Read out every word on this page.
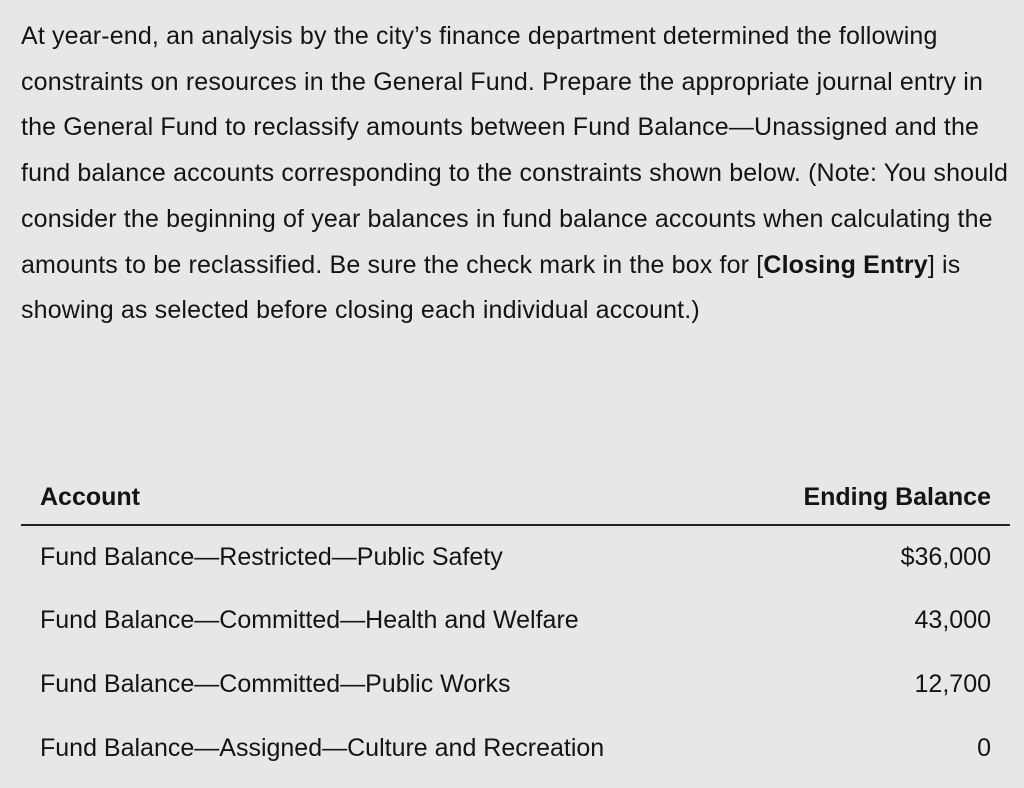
At year-end, an analysis by the city’s finance department determined the following constraints on resources in the General Fund. Prepare the appropriate journal entry in the General Fund to reclassify amounts between Fund Balance—Unassigned and the fund balance accounts corresponding to the constraints shown below. (Note: You should consider the beginning of year balances in fund balance accounts when calculating the amounts to be reclassified. Be sure the check mark in the box for [Closing Entry] is showing as selected before closing each individual account.)

Account	Ending Balance
Fund Balance—Restricted—Public Safety	$36,000
Fund Balance—Committed—Health and Welfare	43,000
Fund Balance—Committed—Public Works	12,700
Fund Balance—Assigned—Culture and Recreation	0
